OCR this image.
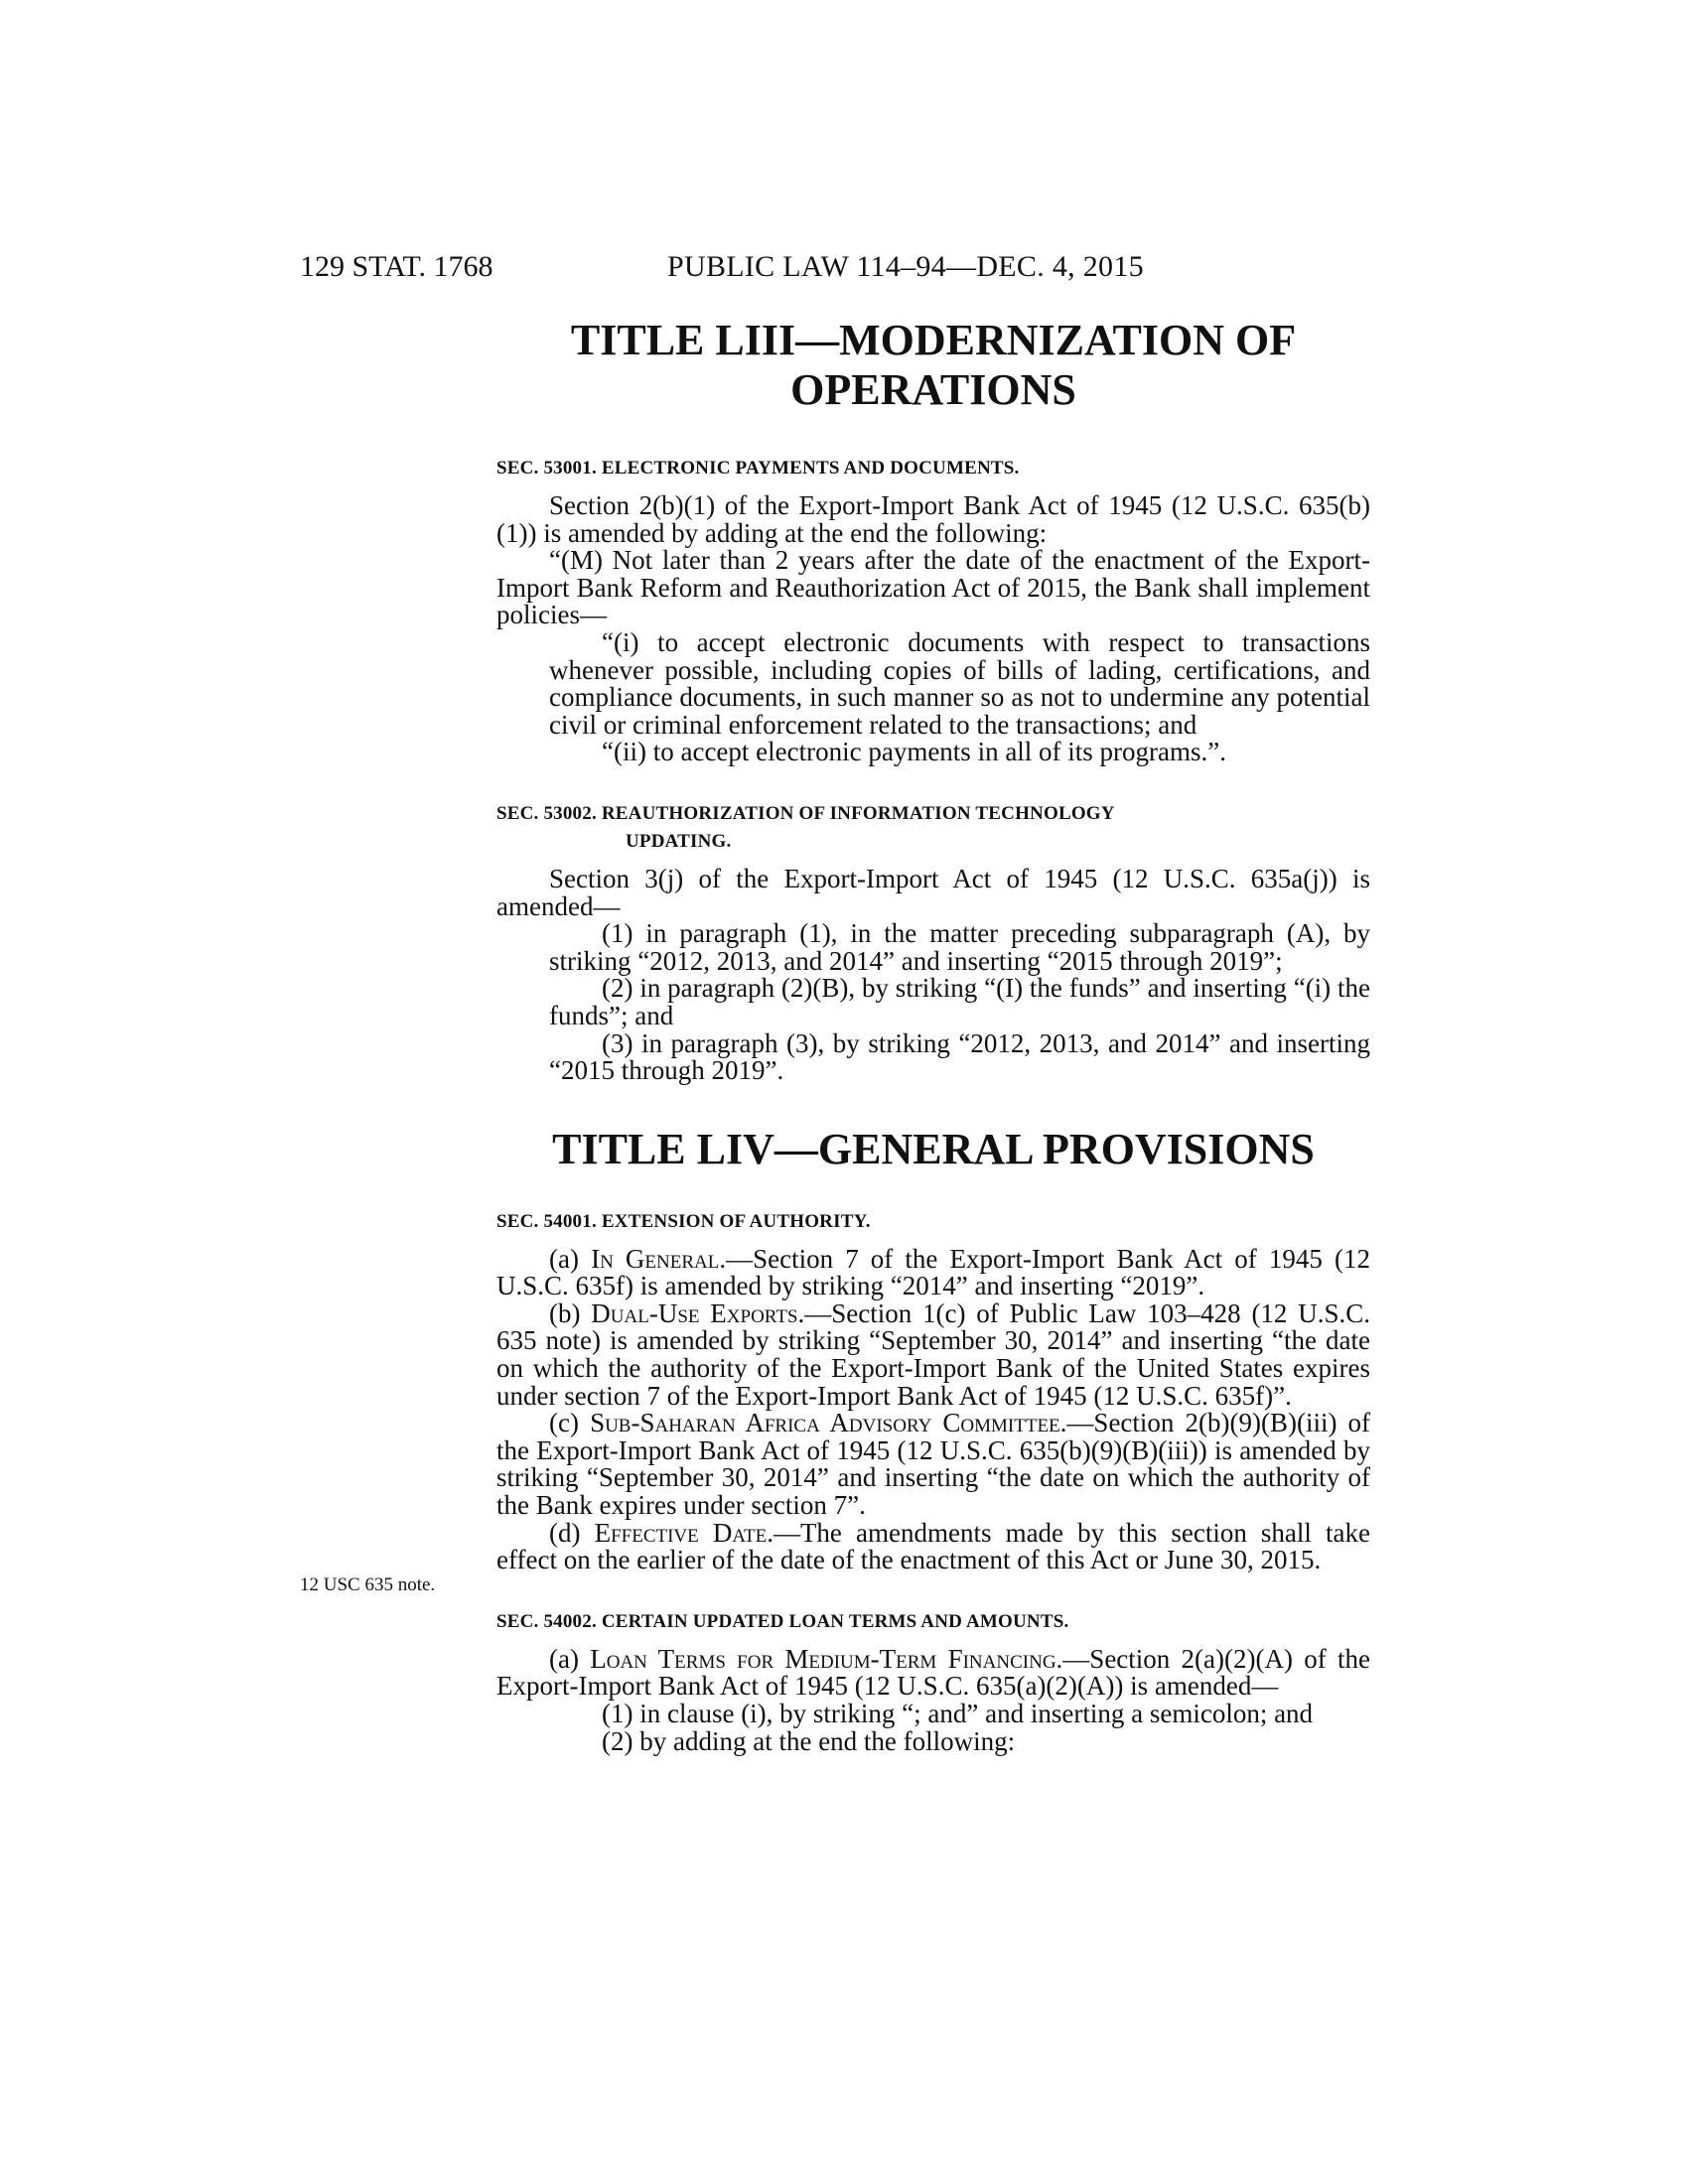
129 STAT. 1768	PUBLIC LAW 114–94—DEC. 4, 2015
12 USC 635 note.
TITLE LIII—MODERNIZATION OF
OPERATIONS
SEC. 53001. ELECTRONIC PAYMENTS AND DOCUMENTS.

Section 2(b)(1) of the Export-Import Bank Act of 1945 (12 U.S.C. 635(b)(1)) is amended by adding at the end the following:

“(M) Not later than 2 years after the date of the enactment of the Export-Import Bank Reform and Reauthorization Act of 2015, the Bank shall implement policies—

“(i) to accept electronic documents with respect to transactions whenever possible, including copies of bills of lading, certifications, and compliance documents, in such manner so as not to undermine any potential civil or criminal enforcement related to the transactions; and

“(ii) to accept electronic payments in all of its programs.”.

SEC. 53002. REAUTHORIZATION OF INFORMATION TECHNOLOGY
UPDATING.

Section 3(j) of the Export-Import Act of 1945 (12 U.S.C. 635a(j)) is amended—

(1) in paragraph (1), in the matter preceding subparagraph (A), by striking “2012, 2013, and 2014” and inserting “2015 through 2019”;

(2) in paragraph (2)(B), by striking “(I) the funds” and inserting “(i) the funds”; and

(3) in paragraph (3), by striking “2012, 2013, and 2014” and inserting “2015 through 2019”.

TITLE LIV—GENERAL PROVISIONS
SEC. 54001. EXTENSION OF AUTHORITY.

(a) In General.—Section 7 of the Export-Import Bank Act of 1945 (12 U.S.C. 635f) is amended by striking “2014” and inserting “2019”.

(b) Dual-Use Exports.—Section 1(c) of Public Law 103–428 (12 U.S.C. 635 note) is amended by striking “September 30, 2014” and inserting “the date on which the authority of the Export-Import Bank of the United States expires under section 7 of the Export-Import Bank Act of 1945 (12 U.S.C. 635f)”.

(c) Sub-Saharan Africa Advisory Committee.—Section 2(b)(9)(B)(iii) of the Export-Import Bank Act of 1945 (12 U.S.C. 635(b)(9)(B)(iii)) is amended by striking “September 30, 2014” and inserting “the date on which the authority of the Bank expires under section 7”.

(d) Effective Date.—The amendments made by this section shall take effect on the earlier of the date of the enactment of this Act or June 30, 2015.

SEC. 54002. CERTAIN UPDATED LOAN TERMS AND AMOUNTS.

(a) Loan Terms for Medium-Term Financing.—Section 2(a)(2)(A) of the Export-Import Bank Act of 1945 (12 U.S.C. 635(a)(2)(A)) is amended—

(1) in clause (i), by striking “; and” and inserting a semicolon; and

(2) by adding at the end the following:
